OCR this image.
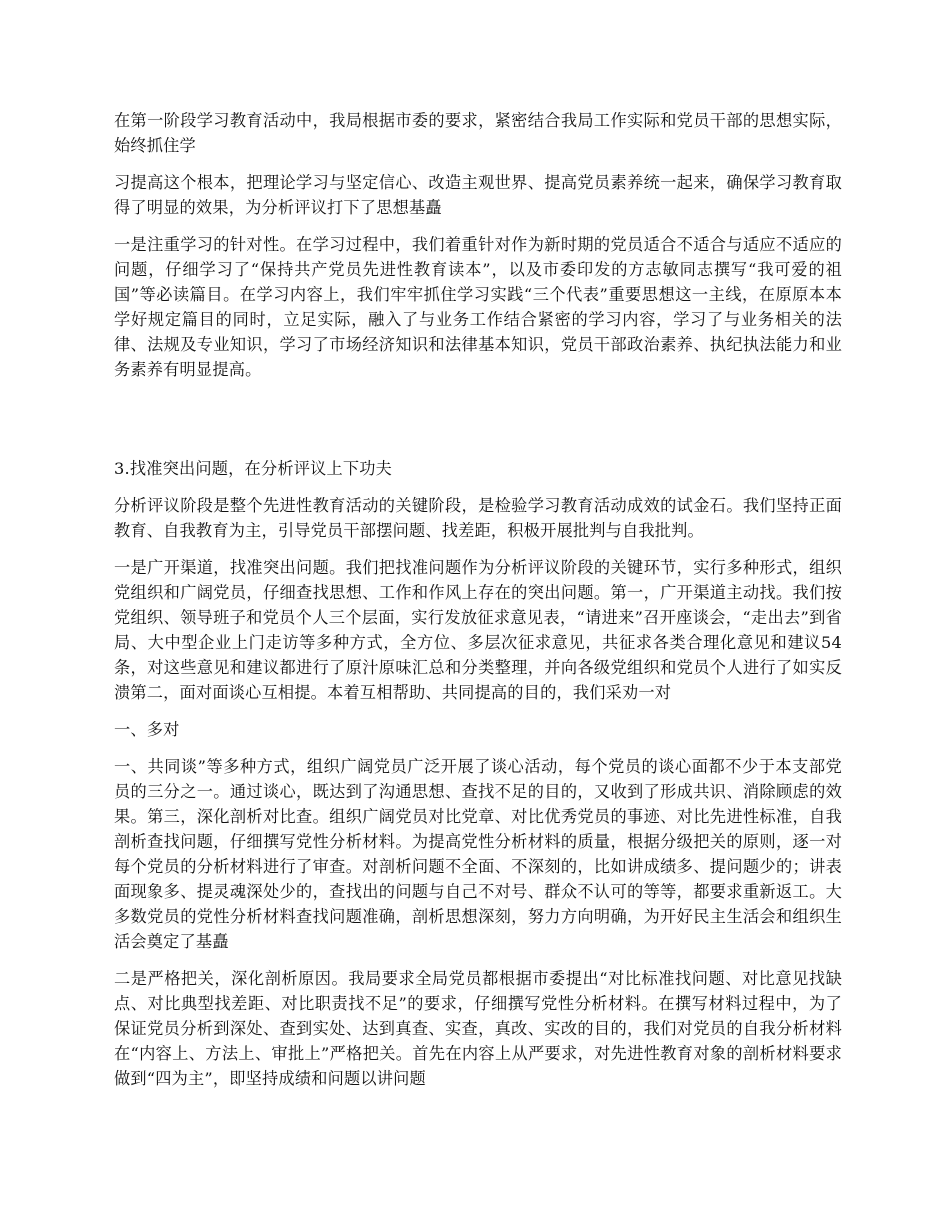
在第一阶段学习教育活动中，我局根据市委的要求，紧密结合我局工作实际和党员干部的思想实际，始终抓住学

习提高这个根本，把理论学习与坚定信心、改造主观世界、提高党员素养统一起来，确保学习教育取得了明显的效果，为分析评议打下了思想基矗

一是注重学习的针对性。在学习过程中，我们着重针对作为新时期的党员适合不适合与适应不适应的问题，仔细学习了“保持共产党员先进性教育读本”，以及市委印发的方志敏同志撰写“我可爱的祖国”等必读篇目。在学习内容上，我们牢牢抓住学习实践“三个代表”重要思想这一主线，在原原本本学好规定篇目的同时，立足实际，融入了与业务工作结合紧密的学习内容，学习了与业务相关的法律、法规及专业知识，学习了市场经济知识和法律基本知识，党员干部政治素养、执纪执法能力和业务素养有明显提高。

3.找准突出问题，在分析评议上下功夫

分析评议阶段是整个先进性教育活动的关键阶段，是检验学习教育活动成效的试金石。我们坚持正面教育、自我教育为主，引导党员干部摆问题、找差距，积极开展批判与自我批判。

一是广开渠道，找准突出问题。我们把找准问题作为分析评议阶段的关键环节，实行多种形式，组织党组织和广阔党员，仔细查找思想、工作和作风上存在的突出问题。第一，广开渠道主动找。我们按党组织、领导班子和党员个人三个层面，实行发放征求意见表，“请进来”召开座谈会，“走出去”到省局、大中型企业上门走访等多种方式，全方位、多层次征求意见，共征求各类合理化意见和建议54条，对这些意见和建议都进行了原汁原味汇总和分类整理，并向各级党组织和党员个人进行了如实反溃第二，面对面谈心互相提。本着互相帮助、共同提高的目的，我们采劝一对

一、多对

一、共同谈”等多种方式，组织广阔党员广泛开展了谈心活动，每个党员的谈心面都不少于本支部党员的三分之一。通过谈心，既达到了沟通思想、查找不足的目的，又收到了形成共识、消除顾虑的效果。第三，深化剖析对比查。组织广阔党员对比党章、对比优秀党员的事迹、对比先进性标准，自我剖析查找问题，仔细撰写党性分析材料。为提高党性分析材料的质量，根据分级把关的原则，逐一对每个党员的分析材料进行了审查。对剖析问题不全面、不深刻的，比如讲成绩多、提问题少的；讲表面现象多、提灵魂深处少的，查找出的问题与自己不对号、群众不认可的等等，都要求重新返工。大多数党员的党性分析材料查找问题准确，剖析思想深刻，努力方向明确，为开好民主生活会和组织生活会奠定了基矗

二是严格把关，深化剖析原因。我局要求全局党员都根据市委提出“对比标准找问题、对比意见找缺点、对比典型找差距、对比职责找不足”的要求，仔细撰写党性分析材料。在撰写材料过程中，为了保证党员分析到深处、查到实处、达到真查、实查，真改、实改的目的，我们对党员的自我分析材料在“内容上、方法上、审批上”严格把关。首先在内容上从严要求，对先进性教育对象的剖析材料要求做到“四为主”，即坚持成绩和问题以讲问题
